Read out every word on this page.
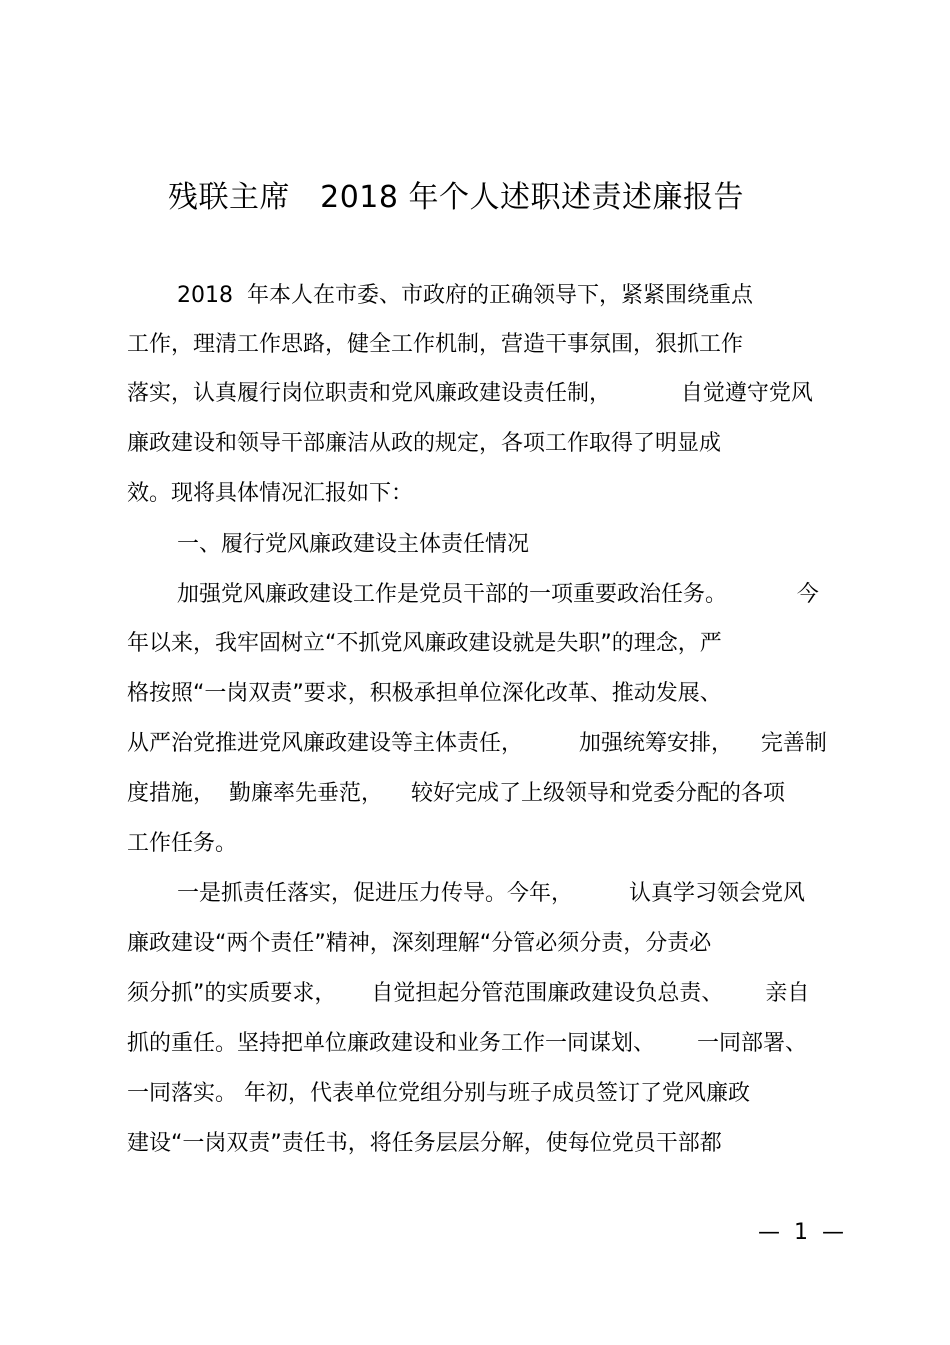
残联主席   2018 年个人述职述责述廉报告
2018  年本人在市委、市政府的正确领导下，紧紧围绕重点
工作，理清工作思路，健全工作机制，营造干事氛围，狠抓工作
落实，认真履行岗位职责和党风廉政建设责任制，          自觉遵守党风
廉政建设和领导干部廉洁从政的规定，各项工作取得了明显成
效。现将具体情况汇报如下：
一、履行党风廉政建设主体责任情况
加强党风廉政建设工作是党员干部的一项重要政治任务。          今
年以来，我牢固树立“不抓党风廉政建设就是失职”的理念，严
格按照“一岗双责”要求，积极承担单位深化改革、推动发展、
从严治党推进党风廉政建设等主体责任，        加强统筹安排，    完善制
度措施，  勤廉率先垂范，    较好完成了上级领导和党委分配的各项
工作任务。
一是抓责任落实，促进压力传导。今年，        认真学习领会党风
廉政建设“两个责任”精神，深刻理解“分管必须分责，分责必
须分抓”的实质要求，     自觉担起分管范围廉政建设负总责、      亲自
抓的重任。坚持把单位廉政建设和业务工作一同谋划、      一同部署、
一同落实。 年初，代表单位党组分别与班子成员签订了党风廉政
建设“一岗双责”责任书，将任务层层分解，使每位党员干部都
—  1  —
